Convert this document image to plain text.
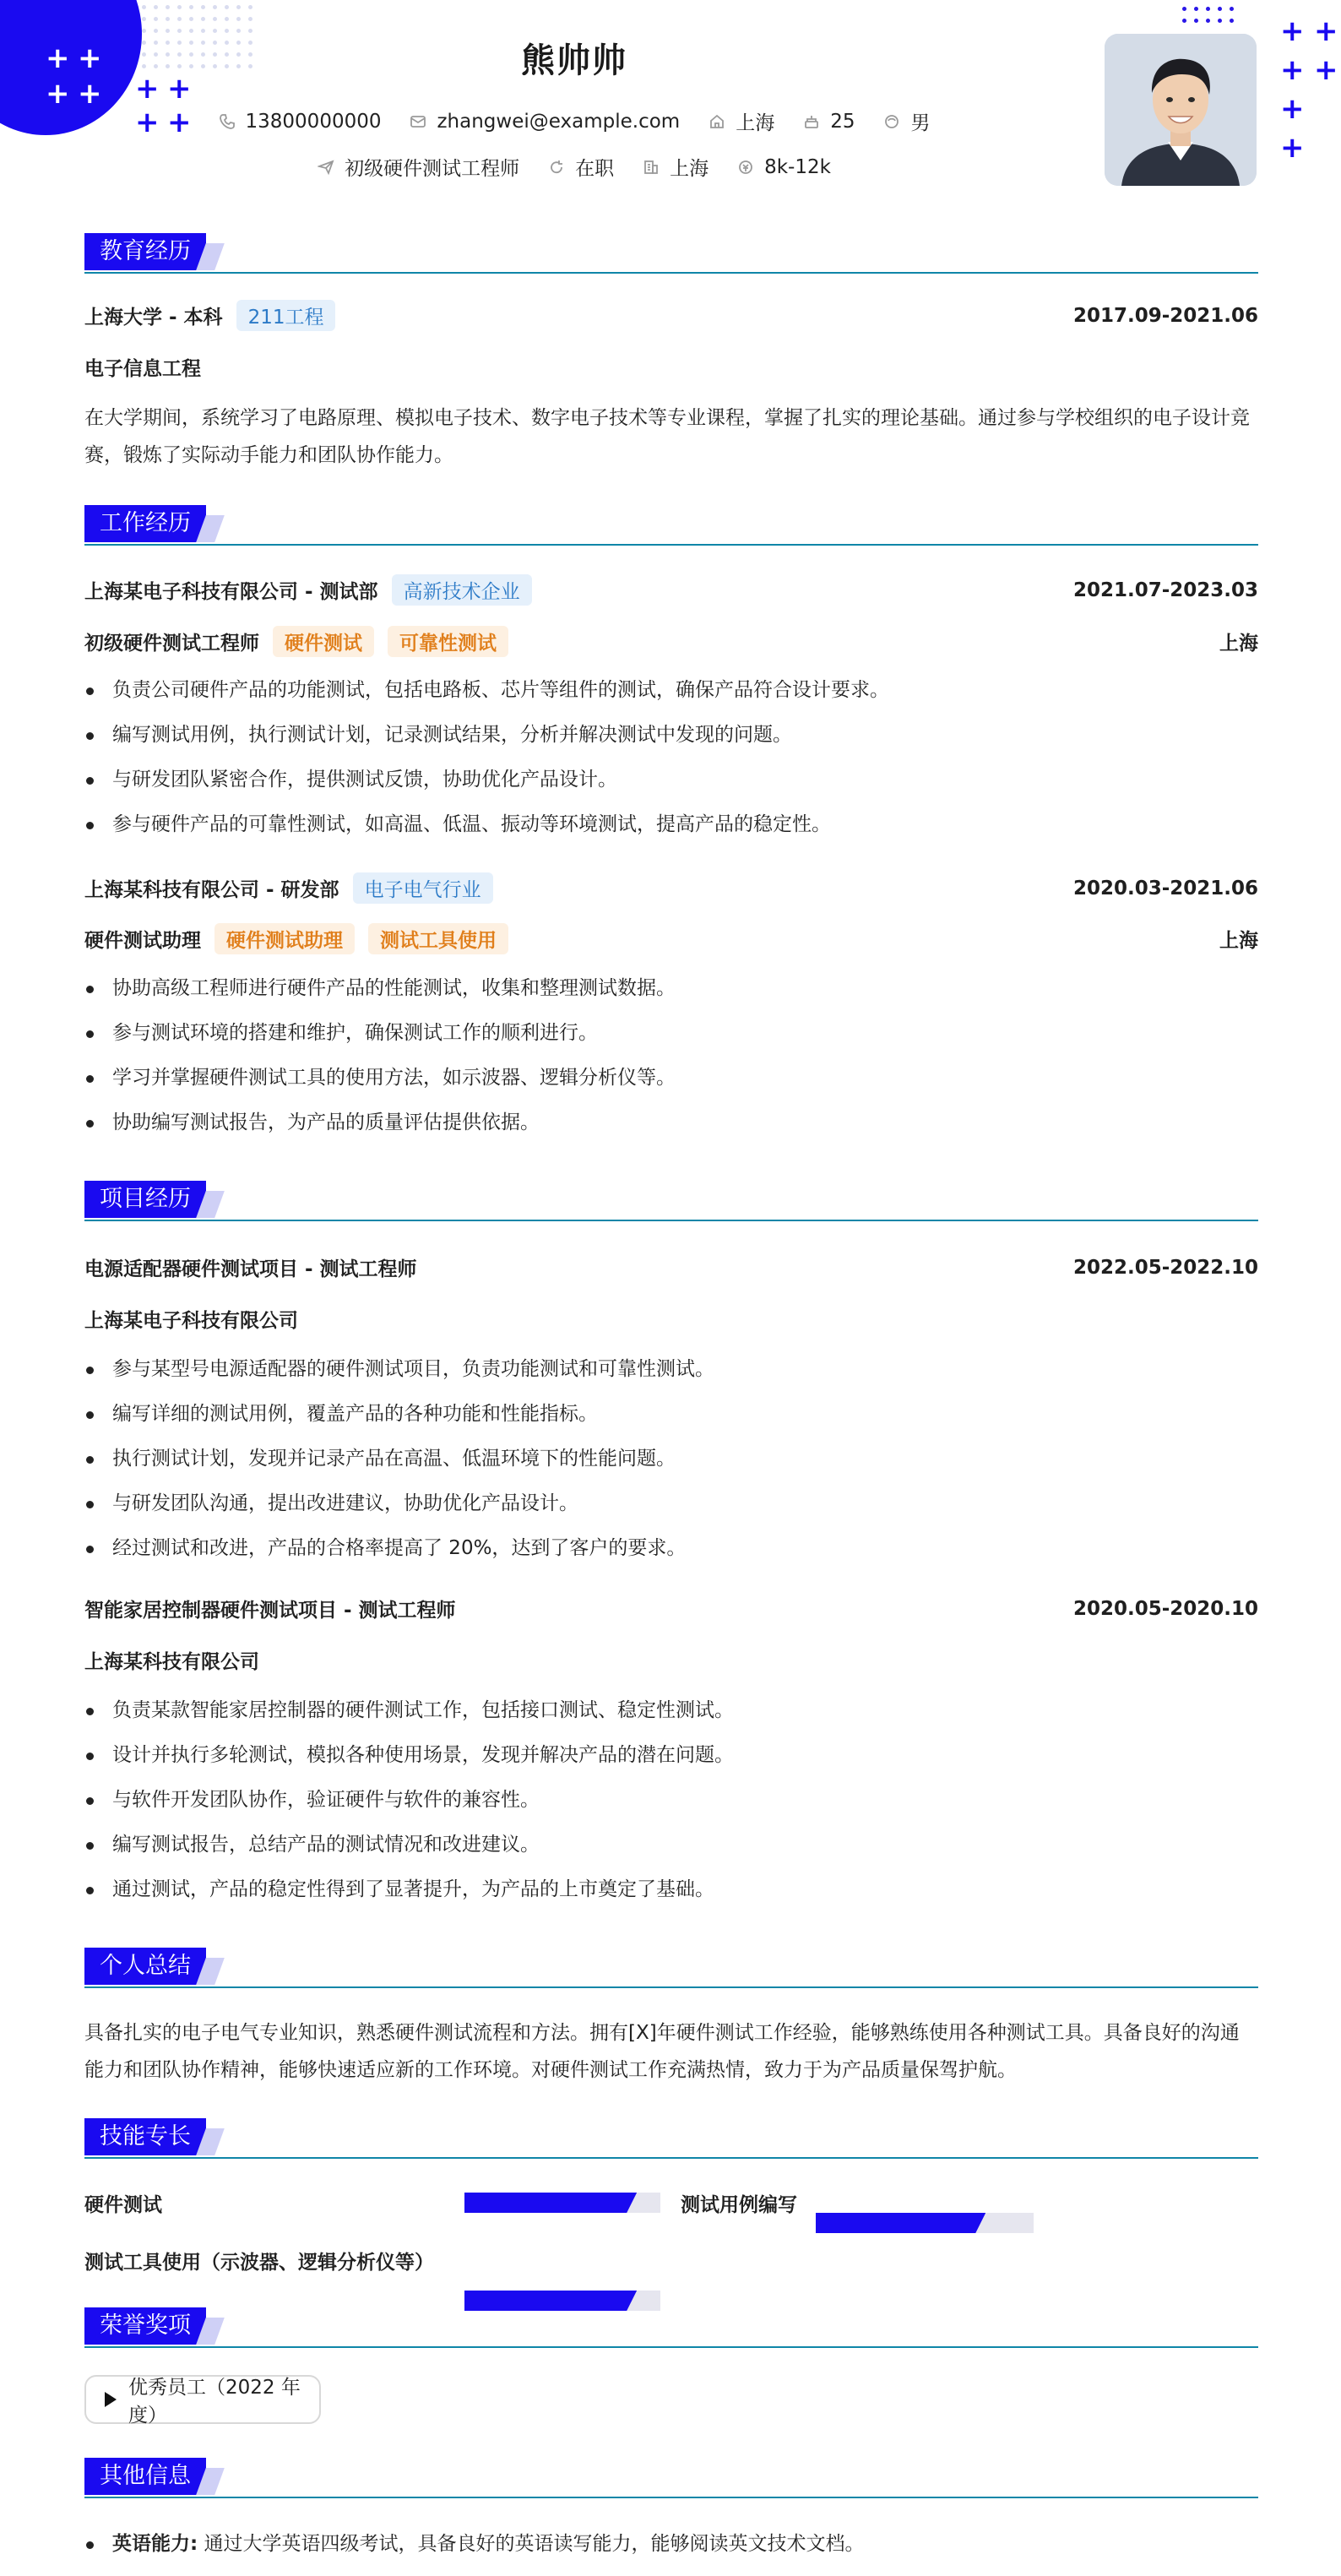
+ +
+ + + +
+ +
+ +
+ +
+
+
熊帅帅
13800000000	zhangwei@example.com	上海	25	男
初级硬件测试工程师	在职	上海	8k-12k
教育经历
上海大学 - 本科	211工程	2017.09-2021.06
电子信息工程
在大学期间，系统学习了电路原理、模拟电子技术、数字电子技术等专业课程，掌握了扎实的理论基础。通过参与学校组织的电子设计竞赛，锻炼了实际动手能力和团队协作能力。
工作经历
上海某电子科技有限公司 - 测试部	高新技术企业	2021.07-2023.03
初级硬件测试工程师	硬件测试	可靠性测试	上海
负责公司硬件产品的功能测试，包括电路板、芯片等组件的测试，确保产品符合设计要求。
编写测试用例，执行测试计划，记录测试结果，分析并解决测试中发现的问题。
与研发团队紧密合作，提供测试反馈，协助优化产品设计。
参与硬件产品的可靠性测试，如高温、低温、振动等环境测试，提高产品的稳定性。
上海某科技有限公司 - 研发部	电子电气行业	2020.03-2021.06
硬件测试助理	硬件测试助理	测试工具使用	上海
协助高级工程师进行硬件产品的性能测试，收集和整理测试数据。
参与测试环境的搭建和维护，确保测试工作的顺利进行。
学习并掌握硬件测试工具的使用方法，如示波器、逻辑分析仪等。
协助编写测试报告，为产品的质量评估提供依据。
项目经历
电源适配器硬件测试项目 - 测试工程师	2022.05-2022.10
上海某电子科技有限公司
参与某型号电源适配器的硬件测试项目，负责功能测试和可靠性测试。
编写详细的测试用例，覆盖产品的各种功能和性能指标。
执行测试计划，发现并记录产品在高温、低温环境下的性能问题。
与研发团队沟通，提出改进建议，协助优化产品设计。
经过测试和改进，产品的合格率提高了 20%，达到了客户的要求。
智能家居控制器硬件测试项目 - 测试工程师	2020.05-2020.10
上海某科技有限公司
负责某款智能家居控制器的硬件测试工作，包括接口测试、稳定性测试。
设计并执行多轮测试，模拟各种使用场景，发现并解决产品的潜在问题。
与软件开发团队协作，验证硬件与软件的兼容性。
编写测试报告，总结产品的测试情况和改进建议。
通过测试，产品的稳定性得到了显著提升，为产品的上市奠定了基础。
个人总结
具备扎实的电子电气专业知识，熟悉硬件测试流程和方法。拥有[X]年硬件测试工作经验，能够熟练使用各种测试工具。具备良好的沟通能力和团队协作精神，能够快速适应新的工作环境。对硬件测试工作充满热情，致力于为产品质量保驾护航。
技能专长
硬件测试	测试用例编写
测试工具使用（示波器、逻辑分析仪等）
荣誉奖项
优秀员工（2022 年度）
其他信息
英语能力: 通过大学英语四级考试，具备良好的英语读写能力，能够阅读英文技术文档。
